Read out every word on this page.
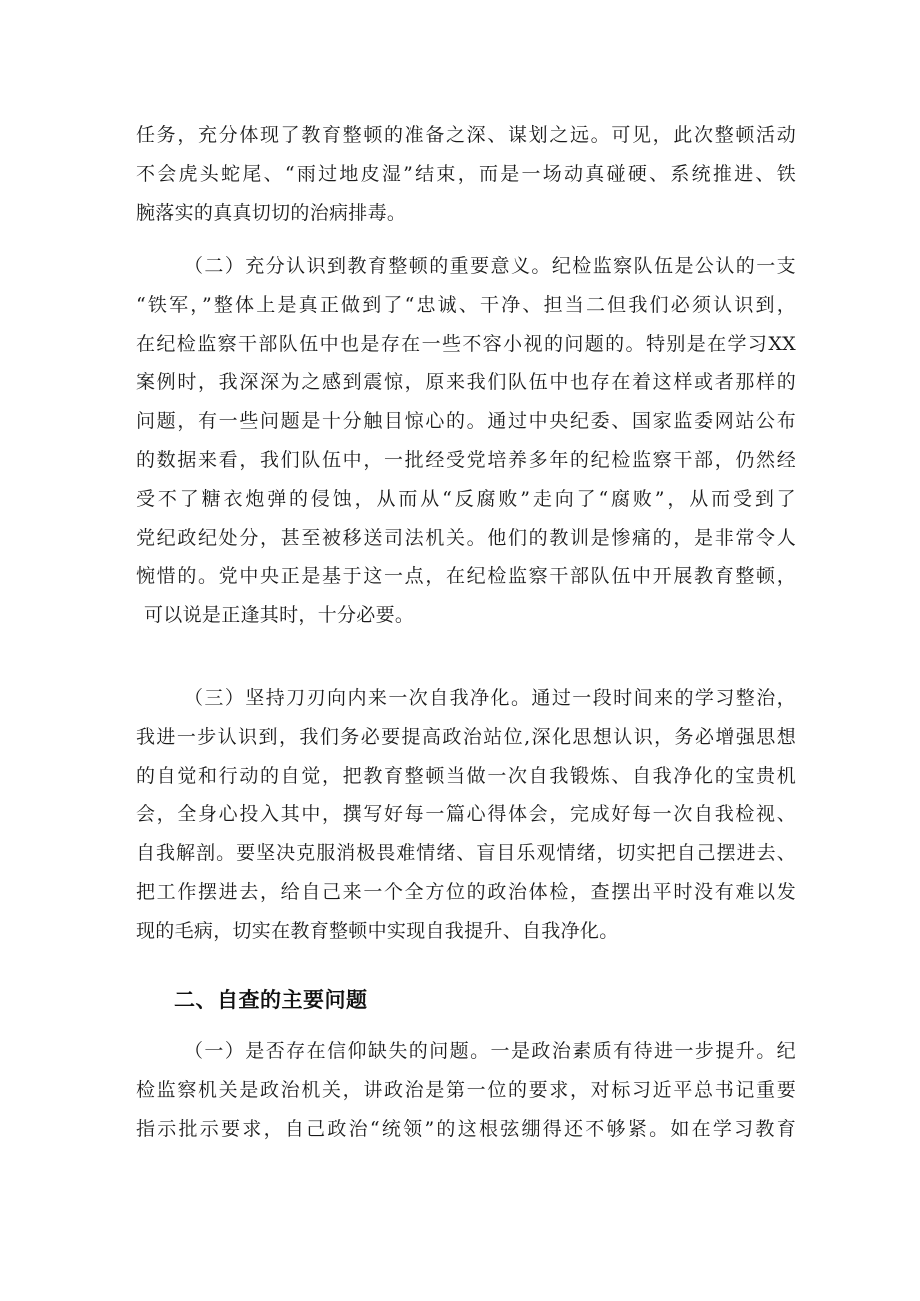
任务，充分体现了教育整顿的准备之深、谋划之远。可见，此次整顿活动
不会虎头蛇尾、“雨过地皮湿”结束，而是一场动真碰硬、系统推进、铁
腕落实的真真切切的治病排毒。
（二）充分认识到教育整顿的重要意义。纪检监察队伍是公认的一支
“铁军，”整体上是真正做到了“忠诚、干净、担当二但我们必须认识到，
在纪检监察干部队伍中也是存在一些不容小视的问题的。特别是在学习XX
案例时，我深深为之感到震惊，原来我们队伍中也存在着这样或者那样的
问题，有一些问题是十分触目惊心的。通过中央纪委、国家监委网站公布
的数据来看，我们队伍中，一批经受党培养多年的纪检监察干部，仍然经
受不了糖衣炮弹的侵蚀，从而从“反腐败”走向了“腐败”，从而受到了
党纪政纪处分，甚至被移送司法机关。他们的教训是惨痛的，是非常令人
惋惜的。党中央正是基于这一点，在纪检监察干部队伍中开展教育整顿，
可以说是正逢其时，十分必要。
（三）坚持刀刃向内来一次自我净化。通过一段时间来的学习整治，
我进一步认识到，我们务必要提高政治站位,深化思想认识，务必增强思想
的自觉和行动的自觉，把教育整顿当做一次自我锻炼、自我净化的宝贵机
会，全身心投入其中，撰写好每一篇心得体会，完成好每一次自我检视、
自我解剖。要坚决克服消极畏难情绪、盲目乐观情绪，切实把自己摆进去、
把工作摆进去，给自己来一个全方位的政治体检，查摆出平时没有难以发
现的毛病，切实在教育整顿中实现自我提升、自我净化。
二、自查的主要问题
（一）是否存在信仰缺失的问题。一是政治素质有待进一步提升。纪
检监察机关是政治机关，讲政治是第一位的要求，对标习近平总书记重要
指示批示要求，自己政治“统领”的这根弦绷得还不够紧。如在学习教育
